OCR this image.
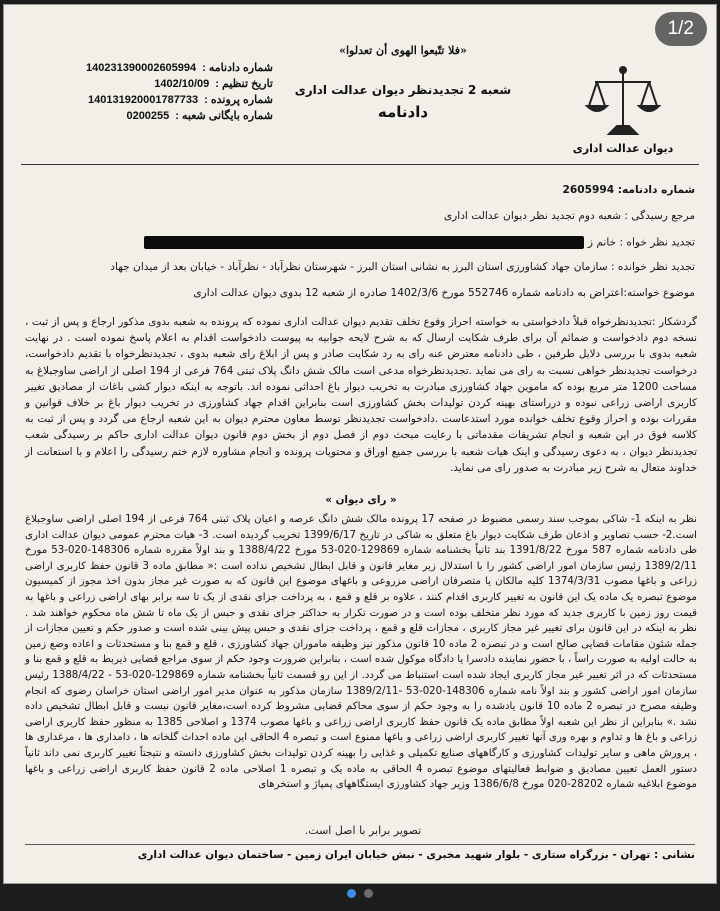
شماره دادنامه :
140231390002605994
تاریخ تنظیم :
1402/10/09
شماره پرونده :
140131920001787733
شماره بایگانی شعبه :
0200255
«فلا تتّبعوا الهوی أن تعدلوا»
شعبه 2 تجدیدنظر دیوان عدالت اداری
دادنامه
دیوان عدالت اداری
شماره دادنامه: 2605994
مرجع رسیدگی : شعبه دوم تجدید نظر دیوان عدالت اداری
تجدید نظر خواه : خانم ز
تجدید نظر خوانده : سازمان جهاد کشاورزی استان البرز به نشانی استان البرز - شهرستان نظرآباد - نظرآباد - خیابان بعد از میدان جهاد
موضوع خواسته:اعتراض به دادنامه شماره 552746 مورخ 1402/3/6 صادره از شعبه 12 بدوی دیوان عدالت اداری
گردشکار :تجدیدنظرخواه قبلاً دادخواستی به خواسته احراز وقوع تخلف تقدیم دیوان عدالت اداری نموده که پرونده به شعبه بدوی مذکور ارجاع و پس از ثبت ، نسخه دوم دادخواست و ضمائم آن برای طرف شکایت ارسال که به شرح لایحه جوابیه به پیوست دادخواست اقدام به اعلام پاسخ نموده است . در نهایت شعبه بدوی با بررسی دلایل طرفین ، طی دادنامه معترض عنه رای به رد شکایت صادر و پس از ابلاغ رای شعبه بدوی ، تجدیدنظرخواه با تقدیم دادخواست، درخواست تجدیدنظر خواهی نسبت به رای می نماید .تجدیدنظرخواه مدعی است مالک شش دانگ پلاک ثبتی 764 فرعی از 194 اصلی از اراضی ساوجبلاغ به مساحت 1200 متر مربع بوده که ماموین جهاد کشاورزی مبادرت به تخریب دیوار باغ احداثی نموده اند. باتوجه به اینکه دیوار کشی باغات از مصادیق تغییر کاربری اراضی زراعی نبوده و درراستای بهینه کردن تولیدات بخش کشاورزی است بنابراین اقدام جهاد کشاورزی در تخریب دیوار باغ بر خلاف قوانین و مقررات بوده و احراز وقوع تخلف خوانده مورد استدعاست .دادخواست تجدیدنظر توسط معاون محترم دیوان به این شعبه ارجاع می گردد و پس از ثبت به کلاسه فوق در این شعبه و انجام تشریفات مقدماتی با رعایت مبحث دوم از فصل دوم از بخش دوم قانون دیوان عدالت اداری حاکم بر رسیدگی شعب تجدیدنظر دیوان ، به دعوی رسیدگی و اینک هیات شعبه با بررسی جمیع اوراق و محتویات پرونده و انجام مشاوره لازم ختم رسیدگی را اعلام و با استعانت از خداوند متعال به شرح زیر مبادرت به صدور رای می نماید.
« رای دیوان »
نظر به اینکه 1- شاکی بموجب سند رسمی مضبوط در صفحه 17 پرونده مالک شش دانگ عرصه و اعیان پلاک ثبتی 764 فرعی از 194 اصلی اراضی ساوجبلاغ است.2- حسب تصاویر و اذعان طرف شکایت دیوار باغ متعلق به شاکی در تاریخ 1399/6/17 تخریب گردیده است. 3- هیات محترم عمومی دیوان عدالت اداری طی دادنامه شماره 587 مورخ 1391/8/22 بند ثانیاً بخشنامه شماره 129869-020-53 مورخ 1388/4/22 و بند اولاً مقرره شماره 148306-020-53 مورخ 1389/2/11 رئیس سازمان امور اراضی کشور را با استدلال زیر مغایر قانون و قابل ابطال تشخیص نداده است :« مطابق ماده 3 قانون حفظ کاربری اراضی زراعی و باغها مصوب 1374/3/31 کلیه مالکان یا متصرفان اراضی مزروعی و باغهای موضوع این قانون که به صورت غیر مجاز بدون اخذ مجوز از کمیسیون موضوع تبصره یک ماده یک این قانون به تغییر کاربری اقدام کنند ، علاوه بر قلع و قمع ، به پرداخت جزای نقدی از یک تا سه برابر بهای اراضی زراعی و باغها به قیمت روز زمین با کاربری جدید که مورد نظر متخلف بوده است و در صورت تکرار به حداکثر جزای نقدی و حبس از یک ماه تا شش ماه محکوم خواهند شد . نظر به اینکه در این قانون برای تغییر غیر مجاز کاربری ، مجازات قلع و قمع ، پرداخت جزای نقدی و حبس پیش بینی شده است و صدور حکم و تعیین مجازات از جمله شئون مقامات قضایی صالح است و در تبصره 2 ماده 10 قانون مذکور نیز وظیفه ماموران جهاد کشاورزی ، قلع و قمع بنا و مستحدثات و اعاده وضع زمین به حالت اولیه به صورت راساً ، با حضور نماینده دادسرا یا دادگاه موکول شده است ، بنابراین ضرورت وجود حکم از سوی مراجع قضایی ذیربط به قلع و قمع بنا و مستحدثات که در اثر تغییر غیر مجاز کاربری ایجاد شده است استنباط می گردد. از این رو قسمت ثانیاً بخشنامه شماره 129869-020-53 - 1388/4/22 رئیس سازمان امور اراضی کشور و بند اولاً نامه شماره 148306-020-53 -1389/2/11 سازمان مذکور به عنوان مدیر امور اراضی استان خراسان رضوی که انجام وظیفه مصرح در تبصره 2 ماده 10 قانون یادشده را به وجود حکم از سوی محاکم قضایی مشروط کرده است،مغایر قانون نیست و قابل ابطال تشخیص داده نشد .» بنابراین از نظر این شعبه اولاً مطابق ماده یک قانون حفظ کاربری اراضی زراعی و باغها مصوب 1374 و اصلاحی 1385 به منظور حفظ کاربری اراضی زراعی و باغ ها و تداوم و بهره وری آنها تغییر کاربری اراضی زراعی و باغها ممنوع است و تبصره 4 الحاقی این ماده احداث گلخانه ها ، دامداری ها ، مرغداری ها ، پرورش ماهی و سایر تولیدات کشاورزی و کارگاههای صنایع تکمیلی و غذایی را بهینه کردن تولیدات بخش کشاورزی دانسته و نتیجتاً تغییر کاربری نمی داند ثانیاً دستور العمل تعیین مصادیق و ضوابط فعالیتهای موضوع تبصره 4 الحاقی به ماده یک و تبصره 1 اصلاحی ماده 2 قانون حفظ کاربری اراضی زراعی و باغها موضوع ابلاغیه شماره 28202-020 مورخ 1386/6/8 وزیر جهاد کشاورزی ایستگاههای پمپاژ و استخرهای
تصویر برابر با اصل است.
نشانی : تهران - بزرگراه ستاری - بلوار شهید مخبری - نبش خیابان ایران زمین - ساختمان دیوان عدالت اداری
1/2
